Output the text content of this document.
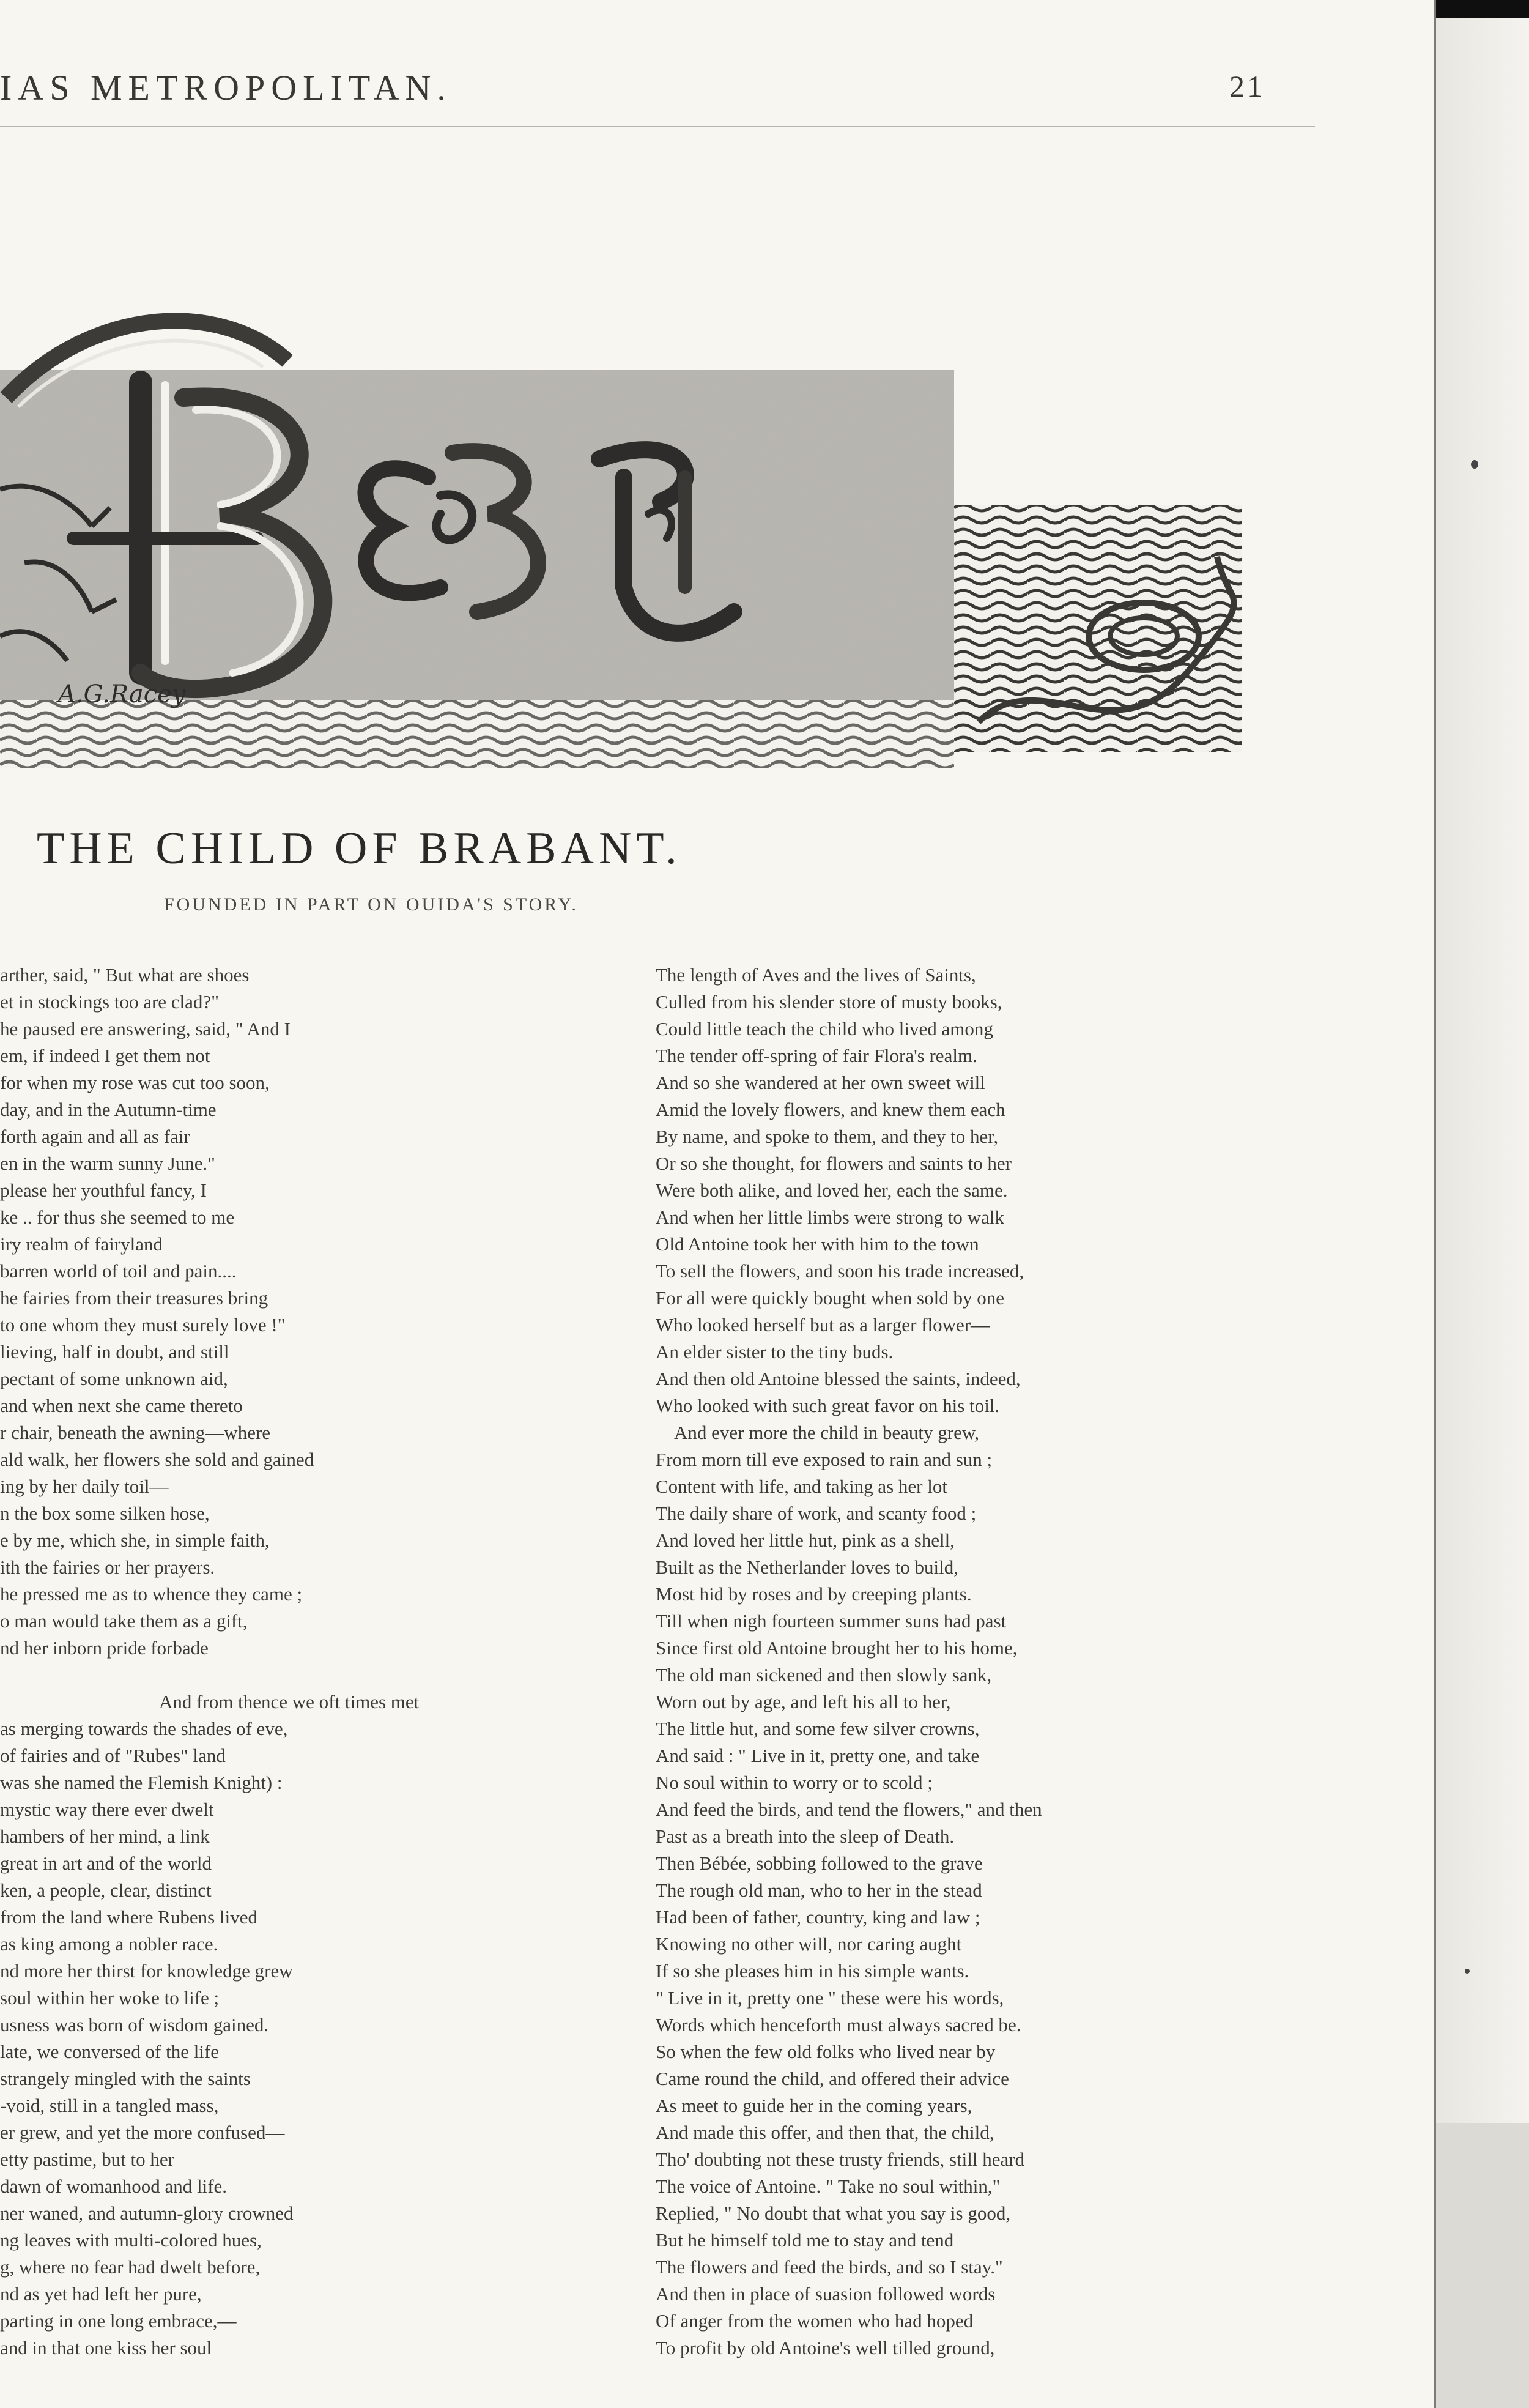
IAS METROPOLITAN.	21
A.G.Racey
THE CHILD OF BRABANT.
FOUNDED IN PART ON OUIDA'S STORY.
arther, said, " But what are shoes
et in stockings too are clad?"
he paused ere answering, said, " And I
em, if indeed I get them not
for when my rose was cut too soon,
day, and in the Autumn-time
forth again and all as fair
en in the warm sunny June."
please her youthful fancy, I
ke .. for thus she seemed to me
iry realm of fairyland
barren world of toil and pain....
he fairies from their treasures bring
to one whom they must surely love !"
lieving, half in doubt, and still
pectant of some unknown aid,
and when next she came thereto
r chair, beneath the awning—where
ald walk, her flowers she sold and gained
ing by her daily toil—
n the box some silken hose,
e by me, which she, in simple faith,
ith the fairies or her prayers.
he pressed me as to whence they came ;
o man would take them as a gift,
nd her inborn pride forbade
And from thence we oft times met
as merging towards the shades of eve,
of fairies and of "Rubes" land
was she named the Flemish Knight) :
mystic way there ever dwelt
hambers of her mind, a link
great in art and of the world
ken, a people, clear, distinct
from the land where Rubens lived
as king among a nobler race.
nd more her thirst for knowledge grew
soul within her woke to life ;
usness was born of wisdom gained.
late, we conversed of the life
strangely mingled with the saints
-void, still in a tangled mass,
er grew, and yet the more confused—
etty pastime, but to her
dawn of womanhood and life.
ner waned, and autumn-glory crowned
ng leaves with multi-colored hues,
g, where no fear had dwelt before,
nd as yet had left her pure,
parting in one long embrace,—
and in that one kiss her soul
The length of Aves and the lives of Saints,
Culled from his slender store of musty books,
Could little teach the child who lived among
The tender off-spring of fair Flora's realm.
And so she wandered at her own sweet will
Amid the lovely flowers, and knew them each
By name, and spoke to them, and they to her,
Or so she thought, for flowers and saints to her
Were both alike, and loved her, each the same.
And when her little limbs were strong to walk
Old Antoine took her with him to the town
To sell the flowers, and soon his trade increased,
For all were quickly bought when sold by one
Who looked herself but as a larger flower—
An elder sister to the tiny buds.
And then old Antoine blessed the saints, indeed,
Who looked with such great favor on his toil.
And ever more the child in beauty grew,
From morn till eve exposed to rain and sun ;
Content with life, and taking as her lot
The daily share of work, and scanty food ;
And loved her little hut, pink as a shell,
Built as the Netherlander loves to build,
Most hid by roses and by creeping plants.
Till when nigh fourteen summer suns had past
Since first old Antoine brought her to his home,
The old man sickened and then slowly sank,
Worn out by age, and left his all to her,
The little hut, and some few silver crowns,
And said : " Live in it, pretty one, and take
No soul within to worry or to scold ;
And feed the birds, and tend the flowers," and then
Past as a breath into the sleep of Death.
Then Bébée, sobbing followed to the grave
The rough old man, who to her in the stead
Had been of father, country, king and law ;
Knowing no other will, nor caring aught
If so she pleases him in his simple wants.
" Live in it, pretty one " these were his words,
Words which henceforth must always sacred be.
So when the few old folks who lived near by
Came round the child, and offered their advice
As meet to guide her in the coming years,
And made this offer, and then that, the child,
Tho' doubting not these trusty friends, still heard
The voice of Antoine. " Take no soul within,"
Replied, " No doubt that what you say is good,
But he himself told me to stay and tend
The flowers and feed the birds, and so I stay."
And then in place of suasion followed words
Of anger from the women who had hoped
To profit by old Antoine's well tilled ground,
